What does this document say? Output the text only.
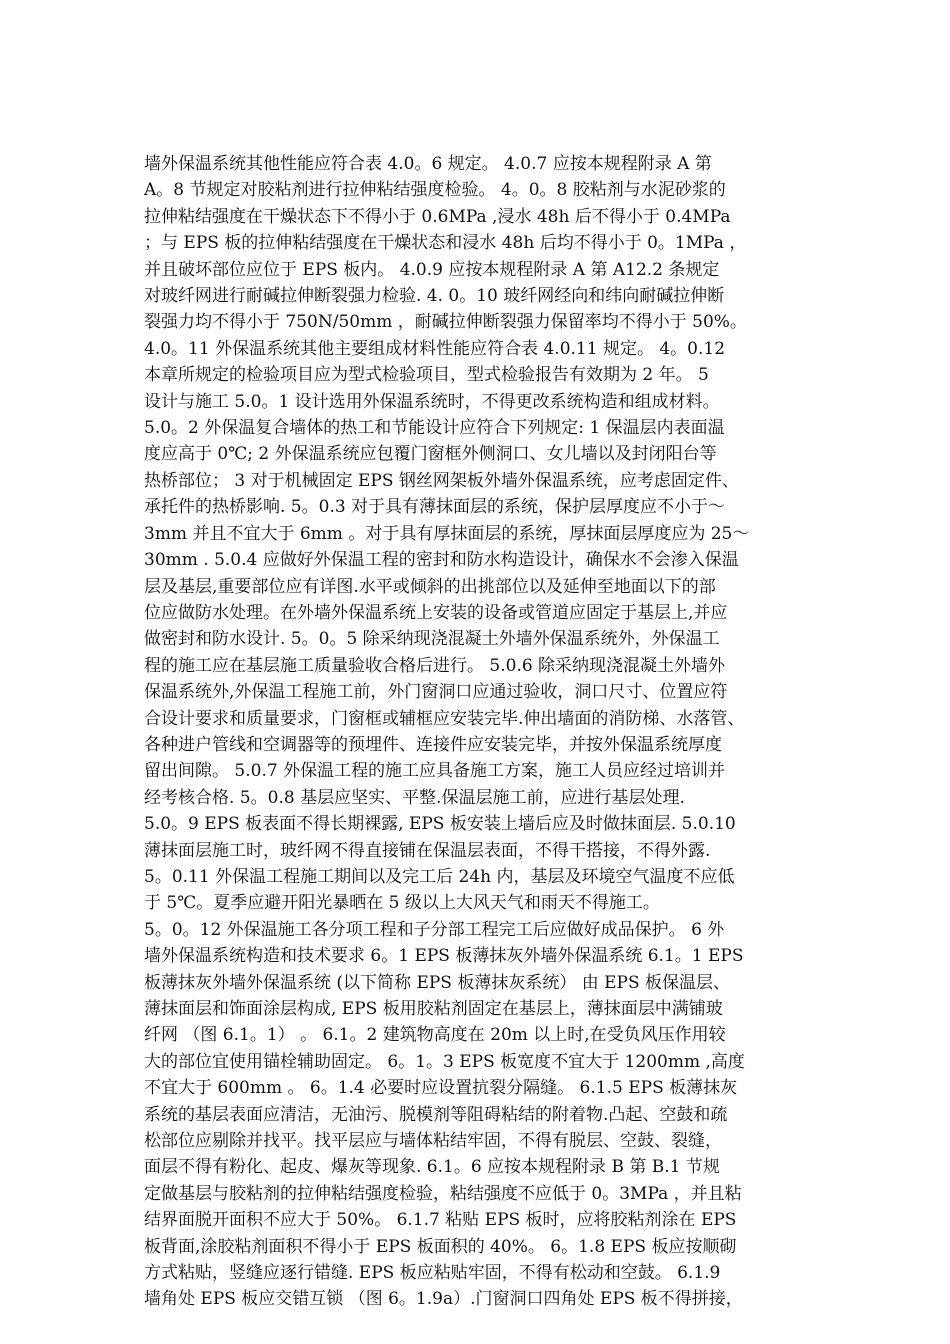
墙外保温系统其他性能应符合表 4.0。6 规定。 4.0.7 应按本规程附录 A 第
A。8 节规定对胶粘剂进行拉伸粘结强度检验。 4。0。8 胶粘剂与水泥砂浆的
拉伸粘结强度在干燥状态下不得小于 0.6MPa ,浸水 48h 后不得小于 0.4MPa
；与 EPS 板的拉伸粘结强度在干燥状态和浸水 48h 后均不得小于 0。1MPa ，
并且破坏部位应位于 EPS 板内。 4.0.9 应按本规程附录 A 第 A12.2 条规定
对玻纤网进行耐碱拉伸断裂强力检验. 4. 0。10 玻纤网经向和纬向耐碱拉伸断
裂强力均不得小于 750N/50mm ，耐碱拉伸断裂强力保留率均不得小于 50%。
4.0。11 外保温系统其他主要组成材料性能应符合表 4.0.11 规定。 4。0.12
本章所规定的检验项目应为型式检验项目，型式检验报告有效期为 2 年。 5
设计与施工 5.0。1 设计选用外保温系统时，不得更改系统构造和组成材料。
5.0。2 外保温复合墙体的热工和节能设计应符合下列规定: 1 保温层内表面温
度应高于 0℃; 2 外保温系统应包覆门窗框外侧洞口、女儿墙以及封闭阳台等
热桥部位； 3 对于机械固定 EPS 钢丝网架板外墙外保温系统，应考虑固定件、
承托件的热桥影响. 5。0.3 对于具有薄抹面层的系统，保护层厚度应不小于～
3mm 并且不宜大于 6mm 。对于具有厚抹面层的系统，厚抹面层厚度应为 25～
30mm . 5.0.4 应做好外保温工程的密封和防水构造设计，确保水不会渗入保温
层及基层,重要部位应有详图.水平或倾斜的出挑部位以及延伸至地面以下的部
位应做防水处理。在外墙外保温系统上安装的设备或管道应固定于基层上,并应
做密封和防水设计. 5。0。5 除采纳现浇混凝土外墙外保温系统外，外保温工
程的施工应在基层施工质量验收合格后进行。 5.0.6 除采纳现浇混凝土外墙外
保温系统外,外保温工程施工前，外门窗洞口应通过验收，洞口尺寸、位置应符
合设计要求和质量要求，门窗框或辅框应安装完毕.伸出墙面的消防梯、水落管、
各种进户管线和空调器等的预埋件、连接件应安装完毕，并按外保温系统厚度
留出间隙。 5.0.7 外保温工程的施工应具备施工方案，施工人员应经过培训并
经考核合格. 5。0.8 基层应坚实、平整.保温层施工前，应进行基层处理.
5.0。9 EPS 板表面不得长期裸露, EPS 板安装上墙后应及时做抹面层. 5.0.10
薄抹面层施工时，玻纤网不得直接铺在保温层表面，不得干搭接，不得外露.
5。0.11 外保温工程施工期间以及完工后 24h 内，基层及环境空气温度不应低
于 5℃。夏季应避开阳光暴晒在 5 级以上大风天气和雨天不得施工。
5。0。12 外保温施工各分项工程和子分部工程完工后应做好成品保护。 6 外
墙外保温系统构造和技术要求 6。1 EPS 板薄抹灰外墙外保温系统 6.1。1 EPS
板薄抹灰外墙外保温系统 (以下简称 EPS 板薄抹灰系统） 由 EPS 板保温层、
薄抹面层和饰面涂层构成, EPS 板用胶粘剂固定在基层上，薄抹面层中满铺玻
纤网 （图 6.1。1） 。 6.1。2 建筑物高度在 20m 以上时,在受负风压作用较
大的部位宜使用锚栓辅助固定。 6。1。3 EPS 板宽度不宜大于 1200mm ,高度
不宜大于 600mm 。 6。1.4 必要时应设置抗裂分隔缝。 6.1.5 EPS 板薄抹灰
系统的基层表面应清洁，无油污、脱模剂等阻碍粘结的附着物.凸起、空鼓和疏
松部位应剔除并找平。找平层应与墙体粘结牢固，不得有脱层、空鼓、裂缝，
面层不得有粉化、起皮、爆灰等现象. 6.1。6 应按本规程附录 B 第 B.1 节规
定做基层与胶粘剂的拉伸粘结强度检验，粘结强度不应低于 0。3MPa ，并且粘
结界面脱开面积不应大于 50%。 6.1.7 粘贴 EPS 板时，应将胶粘剂涂在 EPS
板背面,涂胶粘剂面积不得小于 EPS 板面积的 40%。 6。1.8 EPS 板应按顺砌
方式粘贴，竖缝应逐行错缝. EPS 板应粘贴牢固，不得有松动和空鼓。 6.1.9
墙角处 EPS 板应交错互锁 （图 6。1.9a）.门窗洞口四角处 EPS 板不得拼接，
